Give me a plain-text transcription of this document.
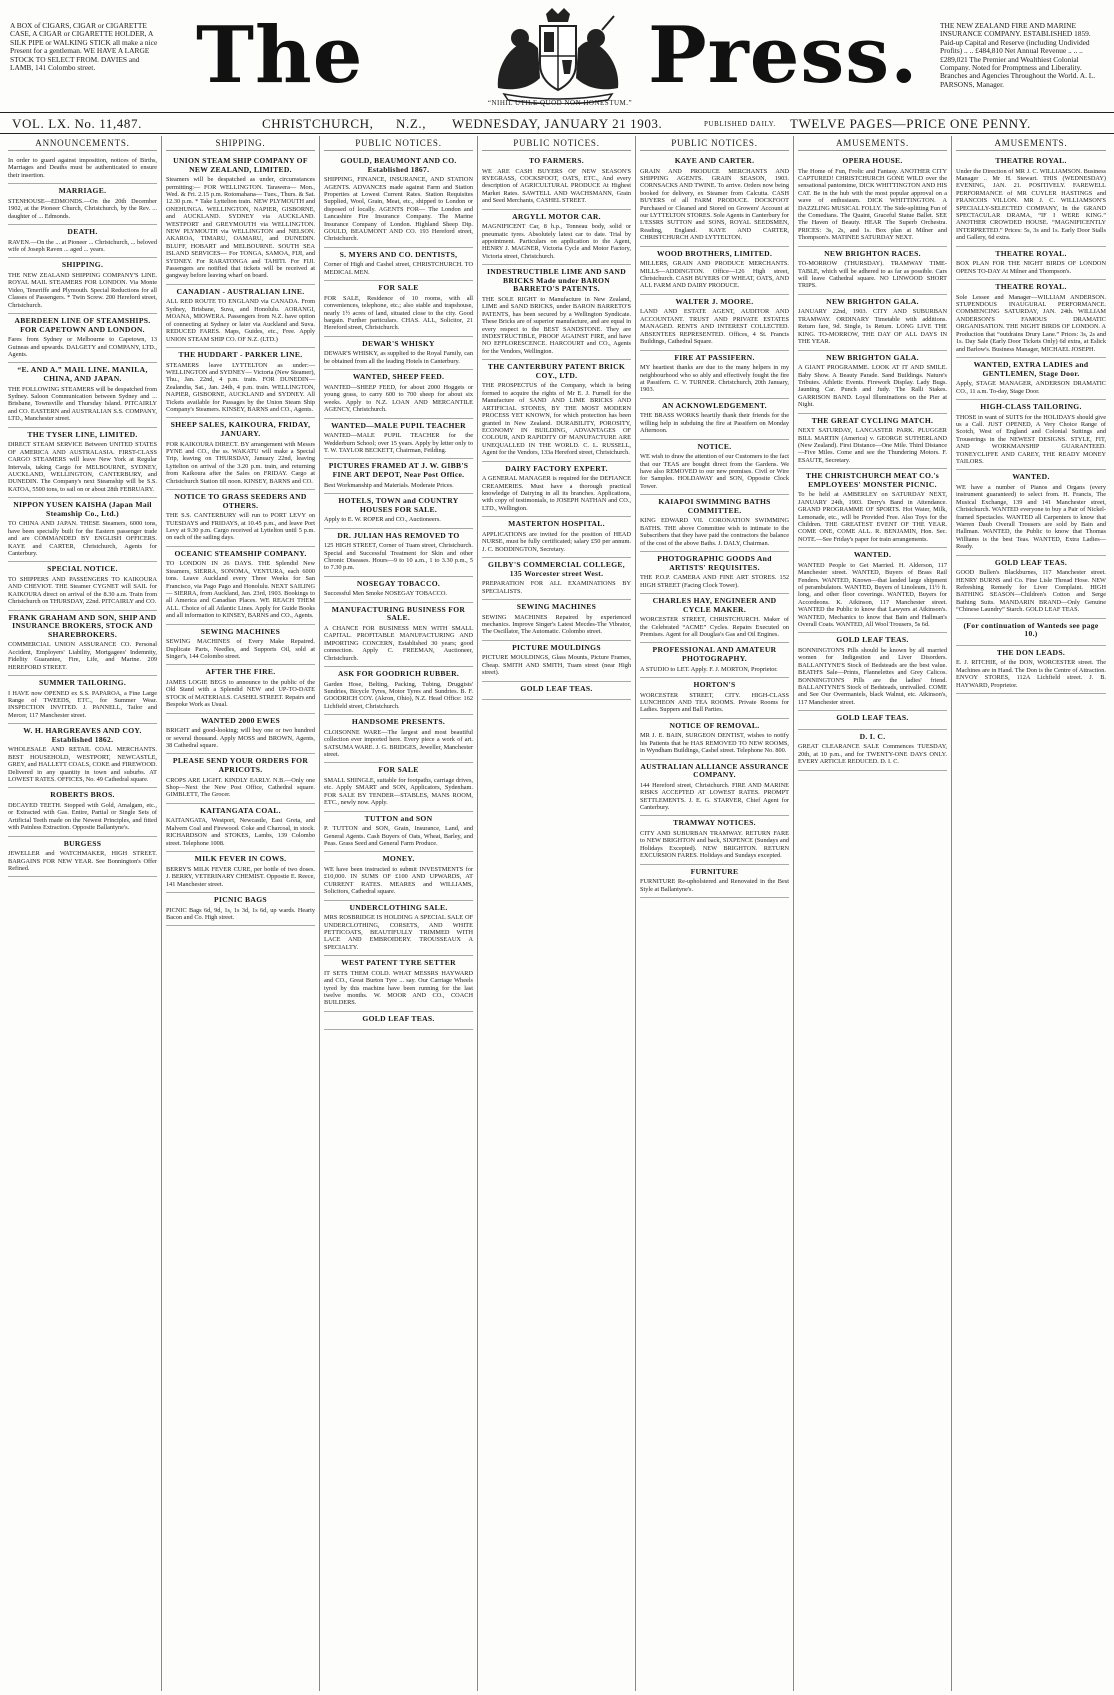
A BOX of CIGARS, CIGAR or CIGARETTE CASE, A CIGAR or CIGARETTE HOLDER, A SILK PIPE or WALKING STICK all make a nice Present for a gentleman. WE HAVE A LARGE STOCK TO SELECT FROM. DAVIES and LAMB, 141 Colombo street.	The	Press.
“NIHIL UTILE QUOD NON HONESTUM.”
THE NEW ZEALAND FIRE AND MARINE INSURANCE COMPANY. ESTABLISHED 1859. Paid-up Capital and Reserve (including Undivided Profits) .. .. £484,810 Net Annual Revenue .. .. .. £289,021 The Premier and Wealthiest Colonial Company. Noted for Promptness and Liberality. Branches and Agencies Throughout the World. A. L. PARSONS, Manager.
VOL. LX. No. 11,487.	CHRISTCHURCH, N.Z., WEDNESDAY, JANUARY 21 1903.	PUBLISHED DAILY. TWELVE PAGES—PRICE ONE PENNY.
ANNOUNCEMENTS.
In order to guard against imposition, notices of Births, Marriages and Deaths must be authenticated to ensure their insertion.
MARRIAGE.
STENHOUSE—EDMONDS.—On the 20th December 1902, at the Pioneer Church, Christchurch, by the Rev. ... daughter of ... Edmonds.
DEATH.
RAVEN.—On the ... at Pioneer ... Christchurch, ... beloved wife of Joseph Raven ... aged ... years.
SHIPPING.
THE NEW ZEALAND SHIPPING COMPANY'S LINE. ROYAL MAIL STEAMERS FOR LONDON. Via Monte Video, Teneriffe and Plymouth. Special Reductions for all Classes of Passengers. * Twin Screw. 200 Hereford street, Christchurch.
ABERDEEN LINE OF STEAMSHIPS. FOR CAPETOWN AND LONDON.
Fares from Sydney or Melbourne to Capetown, 13 Guineas and upwards. DALGETY and COMPANY, LTD., Agents.
“E. AND A.” MAIL LINE. MANILA, CHINA, AND JAPAN.
THE FOLLOWING STEAMERS will be despatched from Sydney. Saloon Communication between Sydney and ... Brisbane, Townsville and Thursday Island. PITCAIRLY and CO. EASTERN and AUSTRALIAN S.S. COMPANY, LTD., Manchester street.
THE TYSER LINE, LIMITED.
DIRECT STEAM SERVICE Between UNITED STATES OF AMERICA AND AUSTRALASIA. FIRST-CLASS CARGO STEAMERS will leave New York at Regular Intervals, taking Cargo for MELBOURNE, SYDNEY, AUCKLAND, WELLINGTON, CANTERBURY, and DUNEDIN. The Company's next Steamship will be S.S. KATOA, 5500 tons, to sail on or about 28th FEBRUARY.
NIPPON YUSEN KAISHA (Japan Mail Steamship Co., Ltd.)
TO CHINA AND JAPAN. THESE Steamers, 6000 tons, have been specially built for the Eastern passenger trade and are COMMANDED BY ENGLISH OFFICERS. KAYE and CARTER, Christchurch, Agents for Canterbury.
SPECIAL NOTICE.
TO SHIPPERS AND PASSENGERS TO KAIKOURA AND CHEVIOT. THE Steamer CYGNET will SAIL for KAIKOURA direct on arrival of the 8.30 a.m. Train from Christchurch on THURSDAY, 22nd. PITCAIRLY and CO.
FRANK GRAHAM AND SON, SHIP AND INSURANCE BROKERS, STOCK AND SHAREBROKERS.
COMMERCIAL UNION ASSURANCE CO. Personal Accident, Employers' Liability, Mortgagees' Indemnity, Fidelity Guarantee, Fire, Life, and Marine. 209 HEREFORD STREET.
SUMMER TAILORING.
I HAVE now OPENED ex S.S. PAPAROA, a Fine Large Range of TWEEDS, ETC., for Summer Wear. INSPECTION INVITED. J. PANNELL, Tailor and Mercer, 117 Manchester street.
W. H. HARGREAVES AND COY. Established 1862.
WHOLESALE AND RETAIL COAL MERCHANTS. BEST HOUSEHOLD, WESTPORT, NEWCASTLE, GREY, and HALLETT COALS, COKE and FIREWOOD. Delivered in any quantity in town and suburbs. AT LOWEST RATES. OFFICES, No. 49 Cathedral square.
ROBERTS BROS.
DECAYED TEETH. Stopped with Gold, Amalgam, etc., or Extracted with Gas. Entire, Partial or Single Sets of Artificial Teeth made on the Newest Principles, and fitted with Painless Extraction. Opposite Ballantyne's.
BURGESS
JEWELLER and WATCHMAKER, HIGH STREET. BARGAINS FOR NEW YEAR. See Bonnington's Offer Refined.
SHIPPING.
UNION STEAM SHIP COMPANY OF NEW ZEALAND, LIMITED.
Steamers will be despatched as under, circumstances permitting:— FOR WELLINGTON. Tarawera— Mon., Wed. & Fri. 2.15 p.m. Rotomahana— Tues., Thurs. & Sat. 12.30 p.m. * Take Lyttelton train. NEW PLYMOUTH and ONEHUNGA. WELLINGTON, NAPIER, GISBORNE, and AUCKLAND. SYDNEY via AUCKLAND. WESTPORT and GREYMOUTH via WELLINGTON. NEW PLYMOUTH via WELLINGTON and NELSON. AKAROA, TIMARU, OAMARU, and DUNEDIN. BLUFF, HOBART and MELBOURNE. SOUTH SEA ISLAND SERVICES— For TONGA, SAMOA, FIJI, and SYDNEY. For RARATONGA and TAHITI. For FIJI. Passengers are notified that tickets will be received at gangway before leaving wharf on board.
CANADIAN - AUSTRALIAN LINE.
ALL RED ROUTE TO ENGLAND via CANADA. From Sydney, Brisbane, Suva, and Honolulu. AORANGI, MOANA, MIOWERA. Passengers from N.Z. have option of connecting at Sydney or later via Auckland and Suva. REDUCED FARES. Maps, Guides, etc., Free. Apply UNION STEAM SHIP CO. OF N.Z. (LTD.)
THE HUDDART - PARKER LINE.
STEAMERS leave LYTTELTON as under:— WELLINGTON and SYDNEY— Victoria (New Steamer), Thu., Jan. 22nd, 4 p.m. train. FOR DUNEDIN— Zealandia, Sat., Jan. 24th, 4 p.m. train. WELLINGTON, NAPIER, GISBORNE, AUCKLAND and SYDNEY. All Tickets available for Passages by the Union Steam Ship Company's Steamers. KINSEY, BARNS and CO., Agents.
SHEEP SALES, KAIKOURA, FRIDAY, JANUARY.
FOR KAIKOURA DIRECT. BY arrangement with Messrs PYNE and CO., the ss. WAKATU will make a Special Trip, leaving on THURSDAY, January 22nd, leaving Lyttelton on arrival of the 3.20 p.m. train, and returning from Kaikoura after the Sales on FRIDAY. Cargo at Christchurch Station till noon. KINSEY, BARNS and CO.
NOTICE TO GRASS SEEDERS AND OTHERS.
THE S.S. CANTERBURY will run to PORT LEVY on TUESDAYS and FRIDAYS, at 10.45 p.m., and leave Port Levy at 9.30 p.m. Cargo received at Lyttelton until 5 p.m. on each of the sailing days.
OCEANIC STEAMSHIP COMPANY.
TO LONDON IN 26 DAYS. THE Splendid New Steamers, SIERRA, SONOMA, VENTURA, each 6000 tons. Leave Auckland every Three Weeks for San Francisco, via Pago Pago and Honolulu. NEXT SAILING— SIERRA, from Auckland, Jan. 23rd, 1903. Bookings to all America and Canadian Places. WE REACH THEM ALL. Choice of all Atlantic Lines. Apply for Guide Books and all information to KINSEY, BARNS and CO., Agents.
SEWING MACHINES
SEWING MACHINES of Every Make Repaired. Duplicate Parts, Needles, and Supports Oil, sold at Singer's, 144 Colombo street.
AFTER THE FIRE.
JAMES LOGIE BEGS to announce to the public of the Old Stand with a Splendid NEW and UP-TO-DATE STOCK of MATERIALS. CASHEL STREET. Repairs and Bespoke Work as Usual.
WANTED 2000 EWES
BRIGHT and good-looking; will buy one or two hundred or several thousand. Apply MOSS and BROWN, Agents, 38 Cathedral square.
PLEASE SEND YOUR ORDERS FOR APRICOTS.
CROPS ARE LIGHT. KINDLY EARLY. N.B.—Only one Shop—Next the New Post Office, Cathedral square. GIMBLETT, The Grocer.
KAITANGATA COAL.
KAITANGATA, Westport, Newcastle, East Greta, and Malvern Coal and Firewood. Coke and Charcoal, in stock. RICHARDSON and STOKES, Lambs, 139 Colombo street. Telephone 1008.
MILK FEVER IN COWS.
BERRY'S MILK FEVER CURE, per bottle of two doses. J. BERRY, VETERINARY CHEMIST. Oppostie E. Reece, 141 Manchester street.
PICNIC BAGS
PICNIC Bags 6d, 9d, 1s, 1s 3d, 1s 6d, up wards. Hearty Bacon and Co. High street.
PUBLIC NOTICES.
GOULD, BEAUMONT AND CO. Established 1867.
SHIPPING, FINANCE, INSURANCE, AND STATION AGENTS. ADVANCES made against Farm and Station Properties at Lowest Current Rates. Station Requisites Supplied, Wool, Grain, Meat, etc., shipped to London or disposed of locally. AGENTS FOR— The London and Lancashire Fire Insurance Company. The Marine Insurance Company of London. Highland Sheep Dip. GOULD, BEAUMONT AND CO. 193 Hereford street, Christchurch.
S. MYERS AND CO. DENTISTS,
Corner of High and Cashel street, CHRISTCHURCH. TO MEDICAL MEN.
FOR SALE
FOR SALE, Residence of 10 rooms, with all conveniences, telephone, etc.; also stable and trapshouse, nearly 1½ acres of land, situated close to the city. Good bargain. Further particulars. CHAS. ALL, Solicitor, 21 Hereford street, Christchurch.
DEWAR'S WHISKY
DEWAR'S WHISKY, as supplied to the Royal Family, can be obtained from all the leading Hotels in Canterbury.
WANTED, SHEEP FEED.
WANTED—SHEEP FEED, for about 2000 Hoggets or young grass, to carry 600 to 700 sheep for about six weeks. Apply to N.Z. LOAN AND MERCANTILE AGENCY, Christchurch.
WANTED—MALE PUPIL TEACHER
WANTED—MALE PUPIL TEACHER for the Wedderburn School; over 15 years. Apply by letter only to T. W. TAYLOR BECKETT, Chairman, Feilding.
PICTURES FRAMED AT J. W. GIBB'S FINE ART DEPOT, Near Post Office.
Best Workmanship and Materials. Moderate Prices.
HOTELS, TOWN and COUNTRY HOUSES FOR SALE.
Apply to E. W. ROPER and CO., Auctioneers.
DR. JULIAN HAS REMOVED TO
125 HIGH STREET, Corner of Tuam street, Christchurch. Special and Successful Treatment for Skin and other Chronic Diseases. Hours—9 to 10 a.m., 1 to 3.30 p.m., 5 to 7.30 p.m.
NOSEGAY TOBACCO.
Successful Men Smoke NOSEGAY TOBACCO.
MANUFACTURING BUSINESS FOR SALE.
A CHANCE FOR BUSINESS MEN WITH SMALL CAPITAL. PROFITABLE MANUFACTURING AND IMPORTING CONCERN, Established 30 years; good connection. Apply C. FREEMAN, Auctioneer, Christchurch.
ASK FOR GOODRICH RUBBER.
Garden Hose, Belting, Packing, Tubing, Druggists' Sundries, Bicycle Tyres, Motor Tyres and Sundries. B. F. GOODRICH COY. (Akron, Ohio), N.Z. Head Office: 162 Lichfield street, Christchurch.
HANDSOME PRESENTS.
CLOISONNE WARE—The largest and most beautiful collection ever imported here. Every piece a work of art. SATSUMA WARE. J. G. BRIDGES, Jeweller, Manchester street.
FOR SALE
SMALL SHINGLE, suitable for footpaths, carriage drives, etc. Apply SMART and SON, Applicators, Sydenham. FOR SALE BY TENDER—STABLES, MANS ROOM, ETC., newly now. Apply.
TUTTON and SON
P. TUTTON and SON, Grain, Insurance, Land, and General Agents. Cash Buyers of Oats, Wheat, Barley, and Peas. Grass Seed and General Farm Produce.
MONEY.
WE have been instructed to submit INVESTMENTS for £10,000. IN SUMS OF £100 AND UPWARDS, AT CURRENT RATES. MEARES and WILLIAMS, Solicitors, Cathedral square.
UNDERCLOTHING SALE.
MRS ROSBRIDGE IS HOLDING A SPECIAL SALE OF UNDERCLOTHING, CORSETS, AND WHITE PETTICOATS, BEAUTIFULLY TRIMMED WITH LACE AND EMBROIDERY. TROUSSEAUX A SPECIALTY.
WEST PATENT TYRE SETTER
IT SETS THEM COLD. WHAT MESSRS HAYWARD and CO., Great Burton Tyre ... say. Our Carriage Wheels tyred by this machine have been running for the last twelve months. W. MOOR AND CO., COACH BUILDERS.
GOLD LEAF TEAS.
PUBLIC NOTICES.
TO FARMERS.
WE ARE CASH BUYERS OF NEW SEASON'S RYEGRASS, COCKSFOOT, OATS, ETC., And every description of AGRICULTURAL PRODUCE At Highest Market Rates. SAWTELL AND WACHSMANN, Grain and Seed Merchants, CASHEL STREET.
ARGYLL MOTOR CAR.
MAGNIFICENT Car, 8 h.p., Tonneau body, solid or pneumatic tyres. Absolutely latest car to date. Trial by appointment. Particulars on application to the Agent, HENRY J. MAGNER, Victoria Cycle and Motor Factory, Victoria street, Christchurch.
INDESTRUCTIBLE LIME AND SAND BRICKS Made under BARON BARRETO'S PATENTS.
THE SOLE RIGHT to Manufacture in New Zealand, LIME and SAND BRICKS, under BARON BARRETO'S PATENTS, has been secured by a Wellington Syndicate. These Bricks are of superior manufacture, and are equal in every respect to the BEST SANDSTONE. They are INDESTRUCTIBLE, PROOF AGAINST FIRE, and have NO EFFLORESCENCE. HARCOURT and CO., Agents for the Vendors, Wellington.
THE CANTERBURY PATENT BRICK COY., LTD.
THE PROSPECTUS of the Company, which is being formed to acquire the rights of Mr E. J. Furnell for the Manufacture of SAND AND LIME BRICKS AND ARTIFICIAL STONES, BY THE MOST MODERN PROCESS YET KNOWN, for which protection has been granted in New Zealand. DURABILITY, POROSITY, ECONOMY IN BUILDING, ADVANTAGES OF COLOUR, AND RAPIDITY OF MANUFACTURE ARE UNEQUALLED IN THE WORLD. C. L. RUSSELL, Agent for the Vendors, 133a Hereford street, Christchurch.
DAIRY FACTORY EXPERT.
A GENERAL MANAGER is required for the DEFIANCE CREAMERIES. Must have a thorough practical knowledge of Dairying in all its branches. Applications, with copy of testimonials, to JOSEPH NATHAN and CO., LTD., Wellington.
MASTERTON HOSPITAL.
APPLICATIONS are invited for the position of HEAD NURSE, must be fully certificated; salary £50 per annum. J. C. BODDINGTON, Secretary.
GILBY'S COMMERCIAL COLLEGE, 135 Worcester street West.
PREPARATION FOR ALL EXAMINATIONS BY SPECIALISTS.
SEWING MACHINES
SEWING MACHINES Repaired by experienced mechanics. Improve Singer's Latest Mecdes-The Vibrator, The Oscillator, The Automatic. Colombo street.
PICTURE MOULDINGS
PICTURE MOULDINGS, Glass Mounts, Picture Frames, Cheap. SMITH AND SMITH, Tuam street (near High street).
GOLD LEAF TEAS.
PUBLIC NOTICES.
KAYE AND CARTER.
GRAIN AND PRODUCE MERCHANTS AND SHIPPING AGENTS. GRAIN SEASON, 1903. CORNSACKS AND TWINE. To arrive. Orders now being booked for delivery, ex Steamer from Calcutta. CASH BUYERS of all FARM PRODUCE. DOCKFOOT Purchased or Cleaned and Stored on Growers' Account at our LYTTELTON STORES. Sole Agents in Canterbury for L'ESSRS SUTTON and SONS, ROYAL SEEDSMEN, Reading, England. KAYE AND CARTER, CHRISTCHURCH AND LYTTELTON.
WOOD BROTHERS, LIMITED.
MILLERS, GRAIN AND PRODUCE MERCHANTS. MILLS—ADDINGTON. Office—126 High street, Christchurch. CASH BUYERS OF WHEAT, OATS, AND ALL FARM AND DAIRY PRODUCE.
WALTER J. MOORE.
LAND AND ESTATE AGENT, AUDITOR AND ACCOUNTANT. TRUST AND PRIVATE ESTATES MANAGED. RENTS AND INTEREST COLLECTED. ABSENTEES REPRESENTED. Offices, 4 St. Francis Buildings, Cathedral Square.
FIRE AT PASSIFERN.
MY heartiest thanks are due to the many helpers in my neighbourhood who so ably and effectively fought the fire at Passifern. C. V. TURNER. Christchurch, 20th January, 1903.
AN ACKNOWLEDGEMENT.
THE BRASS WORKS heartily thank their friends for the willing help in subduing the fire at Passifern on Monday Afternoon.
NOTICE.
WE wish to draw the attention of our Customers to the fact that our TEAS are bought direct from the Gardens. We have also REMOVED to our new premises. Civil or Wire for Samples. HOLDAWAY and SON, Opposite Clock Tower.
KAIAPOI SWIMMING BATHS COMMITTEE.
KING EDWARD VII. CORONATION SWIMMING BATHS. THE above Committee wish to intimate to the Subscribers that they have paid the contractors the balance of the cost of the above Baths. J. DALY, Chairman.
PHOTOGRAPHIC GOODS And ARTISTS' REQUISITES.
THE P.O.P. CAMERA AND FINE ART STORES. 152 HIGH STREET (Facing Clock Tower).
CHARLES HAY, ENGINEER AND CYCLE MAKER.
WORCESTER STREET, CHRISTCHURCH. Maker of the Celebrated “ACME” Cycles. Repairs Executed on Premises. Agent for all Douglas's Gas and Oil Engines.
PROFESSIONAL AND AMATEUR PHOTOGRAPHY.
A STUDIO to LET. Apply. F. J. MORTON, Proprietor.
HORTON'S
WORCESTER STREET, CITY. HIGH-CLASS LUNCHEON AND TEA ROOMS. Private Rooms for Ladies. Suppers and Ball Parties.
NOTICE OF REMOVAL.
MR J. E. BAIN, SURGEON DENTIST, wishes to notify his Patients that he HAS REMOVED TO NEW ROOMS, in Wyndham Buildings, Cashel street. Telephone No. 800.
AUSTRALIAN ALLIANCE ASSURANCE COMPANY.
144 Hereford street, Christchurch. FIRE AND MARINE RISKS ACCEPTED AT LOWEST RATES. PROMPT SETTLEMENTS. J. E. G. STARVER, Chief Agent for Canterbury.
TRAMWAY NOTICES.
CITY AND SUBURBAN TRAMWAY. RETURN FARE to NEW BRIGHTON and back, SIXPENCE (Sundays and Holidays Excepted). NEW BRIGHTON. RETURN EXCURSION FARES. Holidays and Sundays excepted.
FURNITURE
FURNITURE Re-upholstered and Renovated in the Best Style at Ballantyne's.
AMUSEMENTS.
OPERA HOUSE.
The Home of Fun, Frolic and Fantasy. ANOTHER CITY CAPTURED! CHRISTCHURCH GONE WILD over the sensational pantomime, DICK WHITTINGTON AND HIS CAT. Be in the hub with the most popular approval on a wave of enthusiasm. DICK WHITTINGTON. A DAZZLING MUSICAL FOLLY. The Side-splitting Fun of the Comedians. The Quaint, Graceful Statue Ballet. SEE The Haven of Beauty. HEAR The Superb Orchestra. PRICES: 3s, 2s, and 1s. Box plan at Milner and Thompson's. MATINEE SATURDAY NEXT.
NEW BRIGHTON RACES.
TO-MORROW (THURSDAY). TRAMWAY TIME-TABLE, which will be adhered to as far as possible. Cars will leave Cathedral square. NO LINWOOD SHORT TRIPS.
NEW BRIGHTON GALA.
JANUARY 22nd, 1903. CITY AND SUBURBAN TRAMWAY. ORDINARY Timetable with additions. Return fare, 9d. Single, 1s Return. LONG LIVE THE KING. TO-MORROW, THE DAY OF ALL DAYS IN THE YEAR.
NEW BRIGHTON GALA.
A GIANT PROGRAMME. LOOK AT IT AND SMILE. Baby Show. A Beauty Parade. Sand Buildings. Nature's Tributes. Athletic Events. Firework Display. Lady Bugs. Jaunting Car. Punch and Judy. The Ralli Stakes. GARRISON BAND. Loyal Illuminations on the Pier at Night.
THE GREAT CYCLING MATCH.
NEXT SATURDAY, LANCASTER PARK. PLUGGER BILL MARTIN (America) v. GEORGE SUTHERLAND (New Zealand). First Distance—One Mile. Third Distance—Five Miles. Come and see the Thundering Motors. F. ESAUTE, Secretary.
THE CHRISTCHURCH MEAT CO.'s EMPLOYEES' MONSTER PICNIC.
To be held at AMBERLEY on SATURDAY NEXT, JANUARY 24th, 1903. Derry's Band in Attendance. GRAND PROGRAMME OF SPORTS. Hot Water, Milk, Lemonade, etc., will be Provided Free. Also Toys for the Children. THE GREATEST EVENT OF THE YEAR. COME ONE, COME ALL. R. BENJAMIN, Hon. Sec. NOTE.—See Friday's paper for train arrangements.
WANTED.
WANTED People to Get Married. H. Alderson, 117 Manchester street. WANTED, Buyers of Brass Rail Fenders. WANTED, Known—that landed large shipment of perambulators. WANTED, Buyers of Linoleum, 11½ ft. long, and other floor coverings. WANTED, Buyers for Accordeons. K. Atkinson, 117 Manchester street. WANTED the Public to know that Lawyers at Atkinson's. WANTED, Mechanics to know that Bain and Hallman's Overall Coats. WANTED, All Wool Trousers, 5s 6d.
GOLD LEAF TEAS.
BONNINGTON'S Pills should be known by all married women for Indigestion and Liver Disorders. BALLANTYNE'S Stock of Bedsteads are the best value. BEATH'S Sale—Prints, Flannelettes and Grey Calicos. BONNINGTON'S Pills are the ladies' friend. BALLANTYNE'S Stock of Bedsteads, unrivalled. COME and See Our Overmantels, black Walnut, etc. Atkinson's, 117 Manchester street.
GOLD LEAF TEAS.
D. I. C.
GREAT CLEARANCE SALE Commences TUESDAY, 20th, at 10 p.m., and for TWENTY-ONE DAYS ONLY. EVERY ARTICLE REDUCED. D. I. C.
AMUSEMENTS.
THEATRE ROYAL.
Under the Direction of MR J. C. WILLIAMSON. Business Manager .. Mr H. Stewart. THIS (WEDNESDAY) EVENING, JAN. 21. POSITIVELY. FAREWELL PERFORMANCE of MR CUYLER HASTINGS and FRANCOIS VILLON. MR J. C. WILLIAMSON'S SPECIALLY-SELECTED COMPANY, In the GRAND SPECTACULAR DRAMA, “IF I WERE KING.” ANOTHER CROWDED HOUSE. “MAGNIFICENTLY INTERPRETED.” Prices: 5s, 3s and 1s. Early Door Stalls and Gallery, 6d extra.
THEATRE ROYAL.
BOX PLAN FOR THE NIGHT BIRDS OF LONDON OPENS TO-DAY At Milner and Thompson's.
THEATRE ROYAL.
Sole Lessee and Manager—WILLIAM ANDERSON. STUPENDOUS INAUGURAL PERFORMANCE. COMMENCING SATURDAY, JAN. 24th. WILLIAM ANDERSON'S FAMOUS DRAMATIC ORGANISATION. THE NIGHT BIRDS OF LONDON. A Production that “outdrains Drury Lane.” Prices: 3s, 2s and 1s. Day Sale (Early Door Tickets Only) 6d extra, at Eslick and Barlow's. Business Manager, MICHAEL JOSEPH.
WANTED, EXTRA LADIES and GENTLEMEN, Stage Door.
Apply, STAGE MANAGER, ANDERSON DRAMATIC CO., 11 a.m. To-day, Stage Door.
HIGH-CLASS TAILORING.
THOSE in want of SUITS for the HOLIDAYS should give us a Call. JUST OPENED, A Very Choice Range of Scotch, West of England and Colonial Suitings and Trouserings in the NEWEST DESIGNS. STYLE, FIT, AND WORKMANSHIP GUARANTEED. TONEYCLIFFE AND CAREY, THE READY MONEY TAILORS.
WANTED.
WE have a number of Pianos and Organs (every instrument guaranteed) to select from. H. Francis, The Musical Exchange, 139 and 141 Manchester street, Christchurch. WANTED everyone to buy a Pair of Nickel-framed Spectacles. WANTED all Carpenters to know that Warren Daub Overall Trousers are sold by Bain and Hallman. WANTED, the Public to know that Thomas Williams is the best Teas. WANTED, Extra Ladies—Ready.
GOLD LEAF TEAS.
GOOD Bullen's Blackburnes, 117 Manchester street. HENRY BURNS and Co. Fine Lisle Thread Hose. NEW Refreshing Remedy for Liver Complaint. HIGH BATHING SEASON—Children's Cotton and Serge Bathing Suits. MANDARIN BRAND—Only Genuine “Chinese Laundry” Starch. GOLD LEAF TEAS.
(For continuation of Wanteds see page 10.)
THE DON LEADS.
E. J. RITCHIE, of the DON, WORCESTER street. The Machines are in Hand. The Don is the Centre of Attraction. ENVOY STORES, 112A Lichfield street. J. B. HAYWARD, Proprietor.
